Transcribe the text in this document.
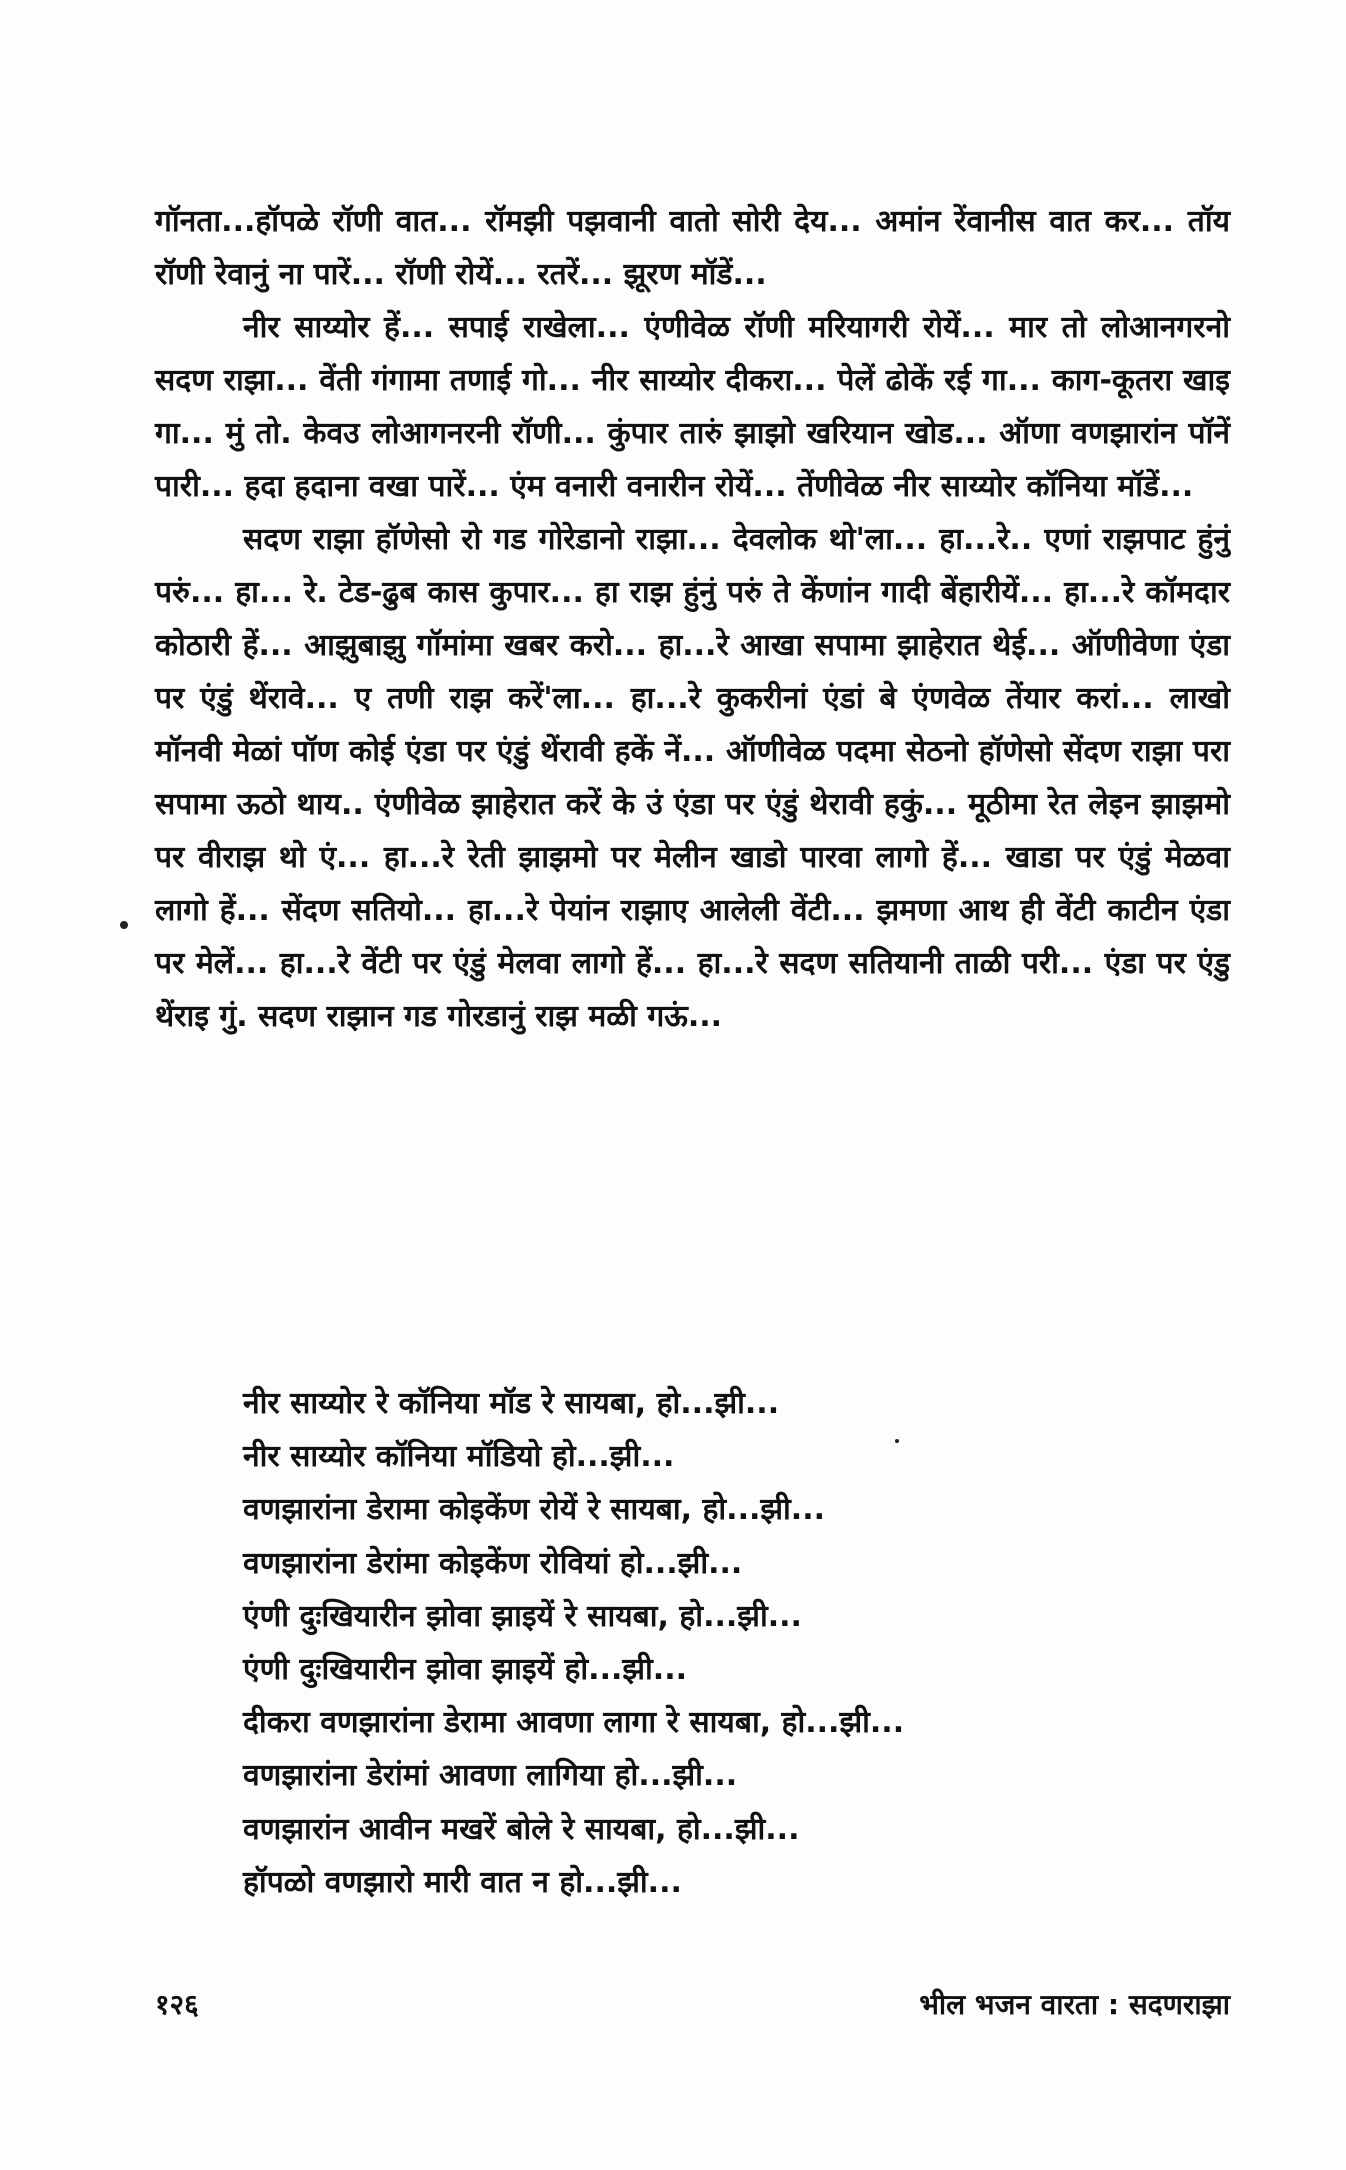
गॉनता...हॉपळे रॉणी वात... रॉमझी पझवानी वातो सोरी देय... अमांन रेंवानीस वात कर... तॉय रॉणी रेवानुं ना पारें... रॉणी रोयें... रतरें... झूरण मॉडें...

नीर साय्योर हें... सपाई राखेला... एंणीवेळ रॉणी मरियागरी रोयें... मार तो लोआनगरनो सदण राझा... वेंती गंगामा तणाई गो... नीर साय्योर दीकरा... पेलें ढोकें रई गा... काग-कूतरा खाइ गा... मुं तो. केवउ लोआगनरनी रॉणी... कुंपार तारुं झाझो खरियान खोड... ऑणा वणझारांन पॉनें पारी... हदा हदाना वखा पारें... एंम वनारी वनारीन रोयें... तेंणीवेळ नीर साय्योर कॉनिया मॉडें...

सदण राझा हॉणेसो रो गड गोरेडानो राझा... देवलोक थो'ला... हा...रे.. एणां राझपाट हुंनुं परुं... हा... रे. टेड-ढुब कास कुपार... हा राझ हुंनुं परुं ते केंणांन गादी बेंहारीयें... हा...रे कॉमदार कोठारी हें... आझुबाझु गॉमांमा खबर करो... हा...रे आखा सपामा झाहेरात थेई... ऑणीवेणा एंडा पर एंडुं थेंरावे... ए तणी राझ करें'ला... हा...रे कुकरीनां एंडां बे एंणवेळ तेंयार करां... लाखो मॉनवी मेळां पॉण कोई एंडा पर एंडुं थेंरावी हकें नें... ऑणीवेळ पदमा सेठनो हॉणेसो सेंदण राझा परा सपामा ऊठो थाय.. एंणीवेळ झाहेरात करें के उं एंडा पर एंडुं थेरावी हकुं... मूठीमा रेत लेइन झाझमो पर वीराझ थो एं... हा...रे रेती झाझमो पर मेलीन खाडो पारवा लागो हें... खाडा पर एंडुं मेळवा लागो हें... सेंदण सतियो... हा...रे पेयांन राझाए आलेली वेंटी... झमणा आथ ही वेंटी काटीन एंडा पर मेलें... हा...रे वेंटी पर एंडुं मेलवा लागो हें... हा...रे सदण सतियानी ताळी परी... एंडा पर एंडु थेंराइ गुं. सदण राझान गड गोरडानुं राझ मळी गऊं...

नीर साय्योर रे कॉनिया मॉड रे सायबा, हो...झी...
नीर साय्योर कॉनिया मॉडियो हो...झी...
वणझारांना डेरामा कोइकेंण रोयें रे सायबा, हो...झी...
वणझारांना डेरांमा कोइकेंण रोवियां हो...झी...
एंणी दुःखियारीन झोवा झाइयें रे सायबा, हो...झी...
एंणी दुःखियारीन झोवा झाइयें हो...झी...
दीकरा वणझारांना डेरामा आवणा लागा रे सायबा, हो...झी...
वणझारांना डेरांमां आवणा लागिया हो...झी...
वणझारांन आवीन मखरें बोले रे सायबा, हो...झी...
हॉपळो वणझारो मारी वात न हो...झी...
१२६	भील भजन वारता : सदणराझा
